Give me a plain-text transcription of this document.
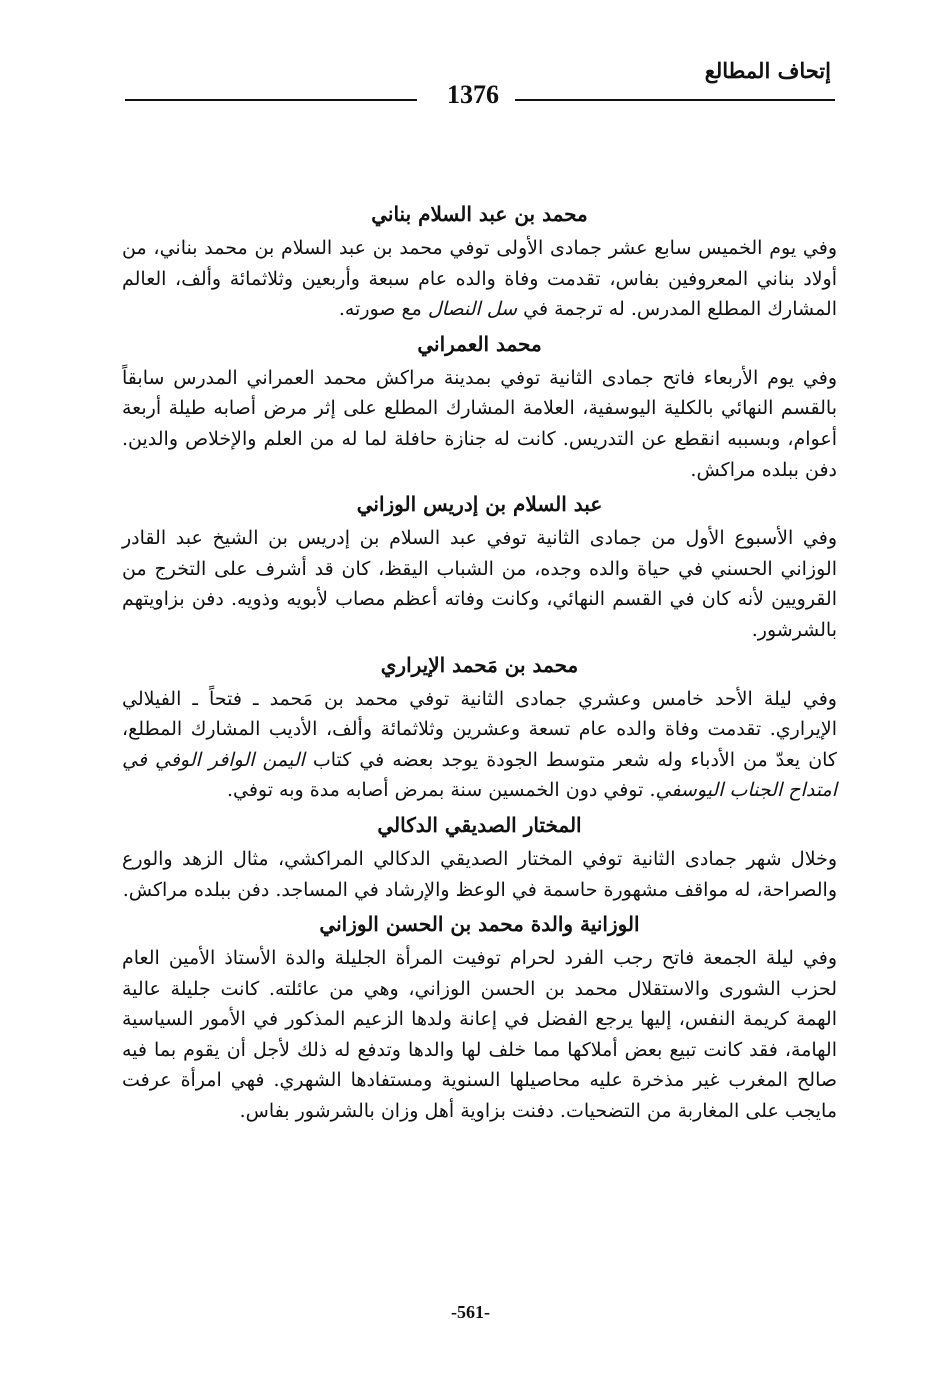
إتحاف المطالع
1376
محمد بن عبد السلام بناني

وفي يوم الخميس سابع عشر جمادى الأولى توفي محمد بن عبد السلام بن محمد بناني، من أولاد بناني المعروفين بفاس، تقدمت وفاة والده عام سبعة وأربعين وثلاثمائة وألف، العالم المشارك المطلع المدرس. له ترجمة في سل النصال مع صورته.

محمد العمراني

وفي يوم الأربعاء فاتح جمادى الثانية توفي بمدينة مراكش محمد العمراني المدرس سابقاً بالقسم النهائي بالكلية اليوسفية، العلامة المشارك المطلع على إثر مرض أصابه طيلة أربعة أعوام، وبسببه انقطع عن التدريس. كانت له جنازة حافلة لما له من العلم والإخلاص والدين. دفن ببلده مراكش.

عبد السلام بن إدريس الوزاني

وفي الأسبوع الأول من جمادى الثانية توفي عبد السلام بن إدريس بن الشيخ عبد القادر الوزاني الحسني في حياة والده وجده، من الشباب اليقظ، كان قد أشرف على التخرج من القرويين لأنه كان في القسم النهائي، وكانت وفاته أعظم مصاب لأبويه وذويه. دفن بزاويتهم بالشرشور.

محمد بن مَحمد الإيراري

وفي ليلة الأحد خامس وعشري جمادى الثانية توفي محمد بن مَحمد ـ فتحاً ـ الفيلالي الإيراري. تقدمت وفاة والده عام تسعة وعشرين وثلاثمائة وألف، الأديب المشارك المطلع، كان يعدّ من الأدباء وله شعر متوسط الجودة يوجد بعضه في كتاب اليمن الوافر الوفي في امتداح الجناب اليوسفي. توفي دون الخمسين سنة بمرض أصابه مدة وبه توفي.

المختار الصديقي الدكالي

وخلال شهر جمادى الثانية توفي المختار الصديقي الدكالي المراكشي، مثال الزهد والورع والصراحة، له مواقف مشهورة حاسمة في الوعظ والإرشاد في المساجد. دفن ببلده مراكش.

الوزانية والدة محمد بن الحسن الوزاني

وفي ليلة الجمعة فاتح رجب الفرد لحرام توفيت المرأة الجليلة والدة الأستاذ الأمين العام لحزب الشورى والاستقلال محمد بن الحسن الوزاني، وهي من عائلته. كانت جليلة عالية الهمة كريمة النفس، إليها يرجع الفضل في إعانة ولدها الزعيم المذكور في الأمور السياسية الهامة، فقد كانت تبيع بعض أملاكها مما خلف لها والدها وتدفع له ذلك لأجل أن يقوم بما فيه صالح المغرب غير مذخرة عليه محاصيلها السنوية ومستفادها الشهري. فهي امرأة عرفت مايجب على المغاربة من التضحيات. دفنت بزاوية أهل وزان بالشرشور بفاس.

-561-
